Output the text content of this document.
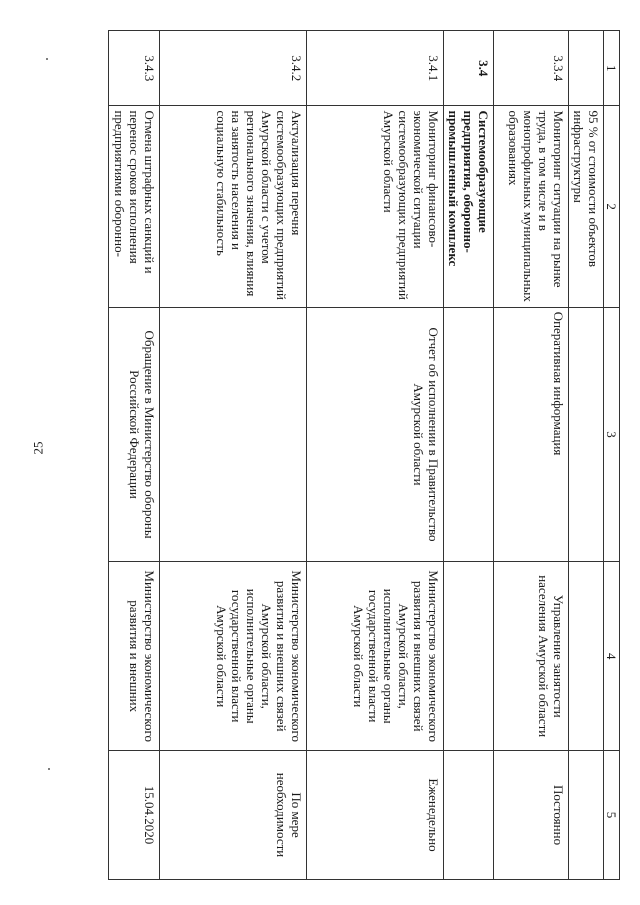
25
1	2	3	4	5
	95 % от стоимости объектов инфраструктуры			
3.3.4	Мониторинг ситуации на рынке труда, в том числе и в монопрофильных муниципальных образованиях	Оперативная информация	Управление занятости населения Амурской области	Постоянно
3.4	Системообразующие предприятия, оборонно-промышленный комплекс			
3.4.1	Мониторинг финансово-экономической ситуации системообразующих предприятий Амурской области	Отчет об исполнении в Правительство Амурской области	Министерство экономического развития и внешних связей Амурской области, исполнительные органы государственной власти Амурской области	Еженедельно
3.4.2	Актуализация перечня системообразующих предприятий Амурской области с учетом регионального значения, влияния на занятость населения и социальную стабильность		Министерство экономического развития и внешних связей Амурской области, исполнительные органы государственной власти Амурской области	По мере необходимости
3.4.3	Отмена штрафных санкций и перенос сроков исполнения предприятиями оборонно-	Обращение в Министерство обороны Российской Федерации	Министерство экономического развития и внешних	15.04.2020
